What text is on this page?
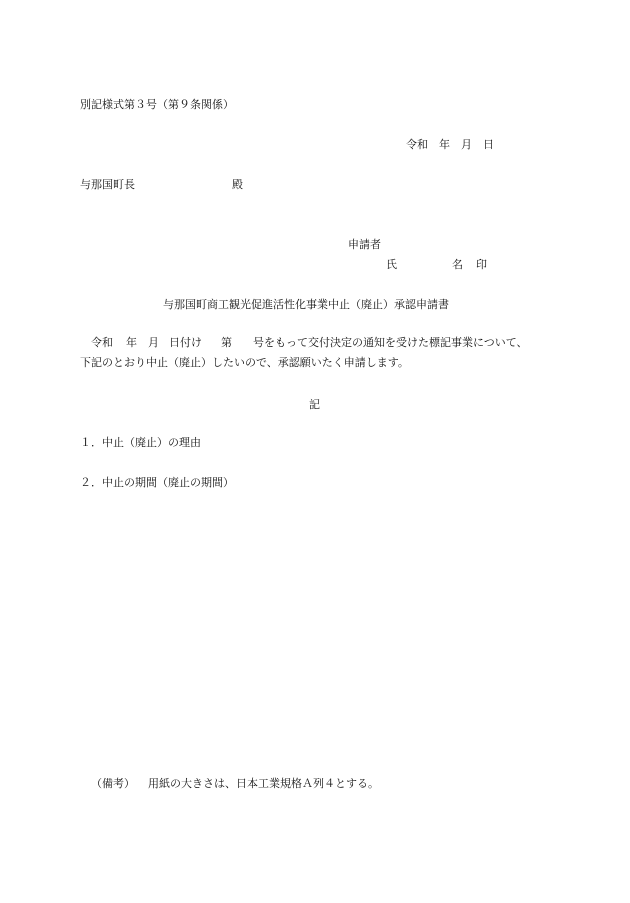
別記様式第３号（第９条関係）
令和 年 月 日
与那国町長	殿
申請者
氏	名 印
与那国町商工観光促進活性化事業中止（廃止）承認申請書
令和 年 月 日付け 第 号をもって交付決定の通知を受けた標記事業について、
下記のとおり中止（廃止）したいので、承認願いたく申請します。
記
１．中止（廃止）の理由
２．中止の期間（廃止の期間）
（備考） 用紙の大きさは、日本工業規格Ａ列４とする。
